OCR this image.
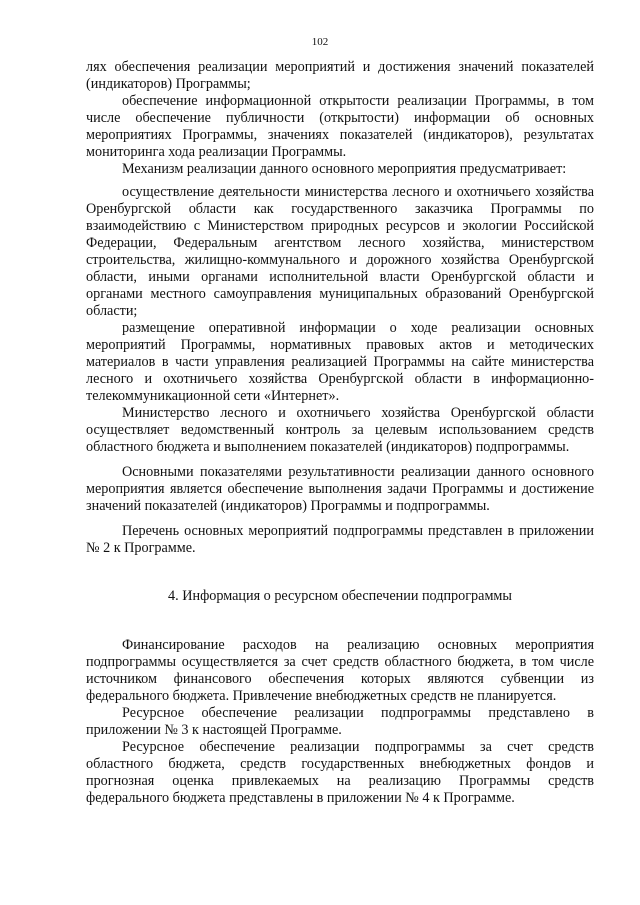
102

лях обеспечения реализации мероприятий и достижения значений показателей (индикаторов) Программы;

обеспечение информационной открытости реализации Программы, в том числе обеспечение публичности (открытости) информации об основных мероприятиях Программы, значениях показателей (индикаторов), результатах мониторинга хода реализации Программы.

Механизм реализации данного основного мероприятия предусматривает:

осуществление деятельности министерства лесного и охотничьего хозяйства Оренбургской области как государственного заказчика Программы по взаимодействию с Министерством природных ресурсов и экологии Российской Федерации, Федеральным агентством лесного хозяйства, министерством строительства, жилищно-коммунального и дорожного хозяйства Оренбургской области, иными органами исполнительной власти Оренбургской области и органами местного самоуправления муниципальных образований Оренбургской области;

размещение оперативной информации о ходе реализации основных мероприятий Программы, нормативных правовых актов и методических материалов в части управления реализацией Программы на сайте министерства лесного и охотничьего хозяйства Оренбургской области в информационно-телекоммуникационной сети «Интернет».

Министерство лесного и охотничьего хозяйства Оренбургской области осуществляет ведомственный контроль за целевым использованием средств областного бюджета и выполнением показателей (индикаторов) подпрограммы.

Основными показателями результативности реализации данного основного мероприятия является обеспечение выполнения задачи Программы и достижение значений показателей (индикаторов) Программы и подпрограммы.

Перечень основных мероприятий подпрограммы представлен в приложении № 2 к Программе.

4. Информация о ресурсном обеспечении подпрограммы

Финансирование расходов на реализацию основных мероприятия подпрограммы осуществляется за счет средств областного бюджета, в том числе источником финансового обеспечения которых являются субвенции из федерального бюджета. Привлечение внебюджетных средств не планируется.

Ресурсное обеспечение реализации подпрограммы представлено в приложении № 3 к настоящей Программе.

Ресурсное обеспечение реализации подпрограммы за счет средств областного бюджета, средств государственных внебюджетных фондов и прогнозная оценка привлекаемых на реализацию Программы средств федерального бюджета представлены в приложении № 4 к Программе.
